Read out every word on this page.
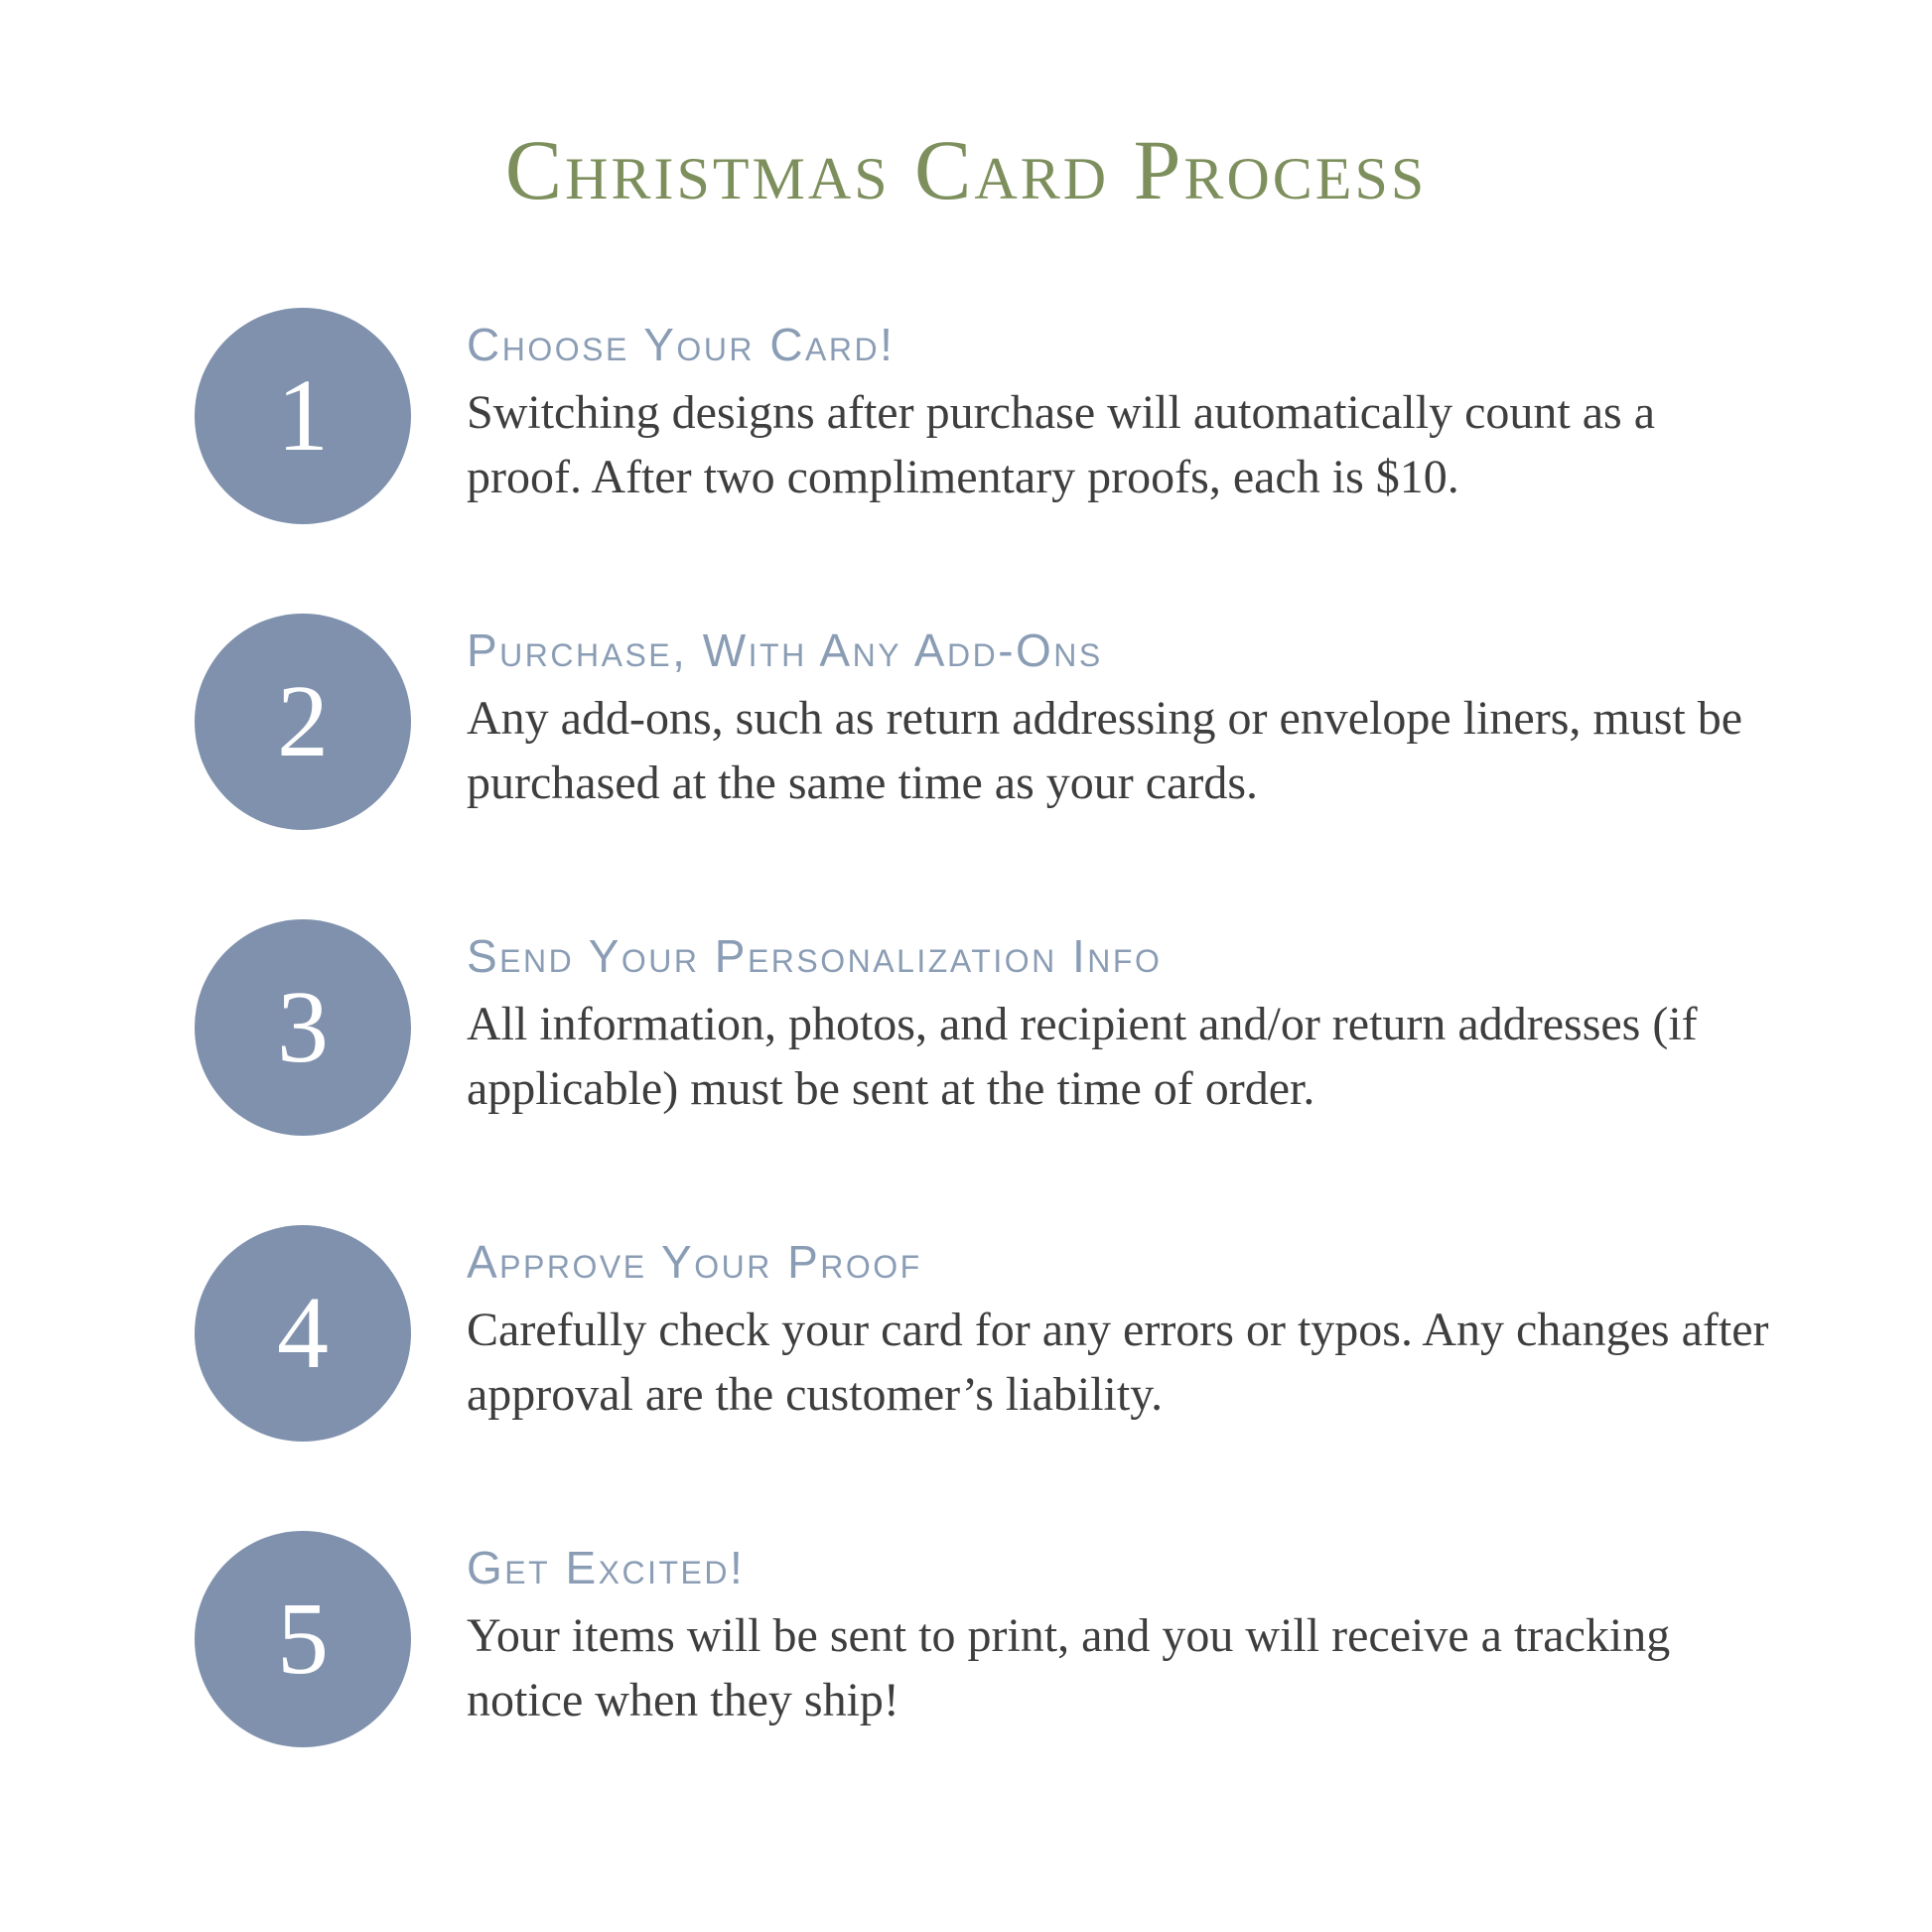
Christmas Card Process
1
Choose Your Card!

Switching designs after purchase will automatically count as a proof. After two complimentary proofs, each is $10.

2
Purchase, With Any Add-Ons

Any add-ons, such as return addressing or envelope liners, must be purchased at the same time as your cards.

3
Send Your Personalization Info

All information, photos, and recipient and/or return addresses (if applicable) must be sent at the time of order.

4
Approve Your Proof

Carefully check your card for any errors or typos. Any changes after approval are the customer’s liability.

5
Get Excited!

Your items will be sent to print, and you will receive a tracking notice when they ship!
